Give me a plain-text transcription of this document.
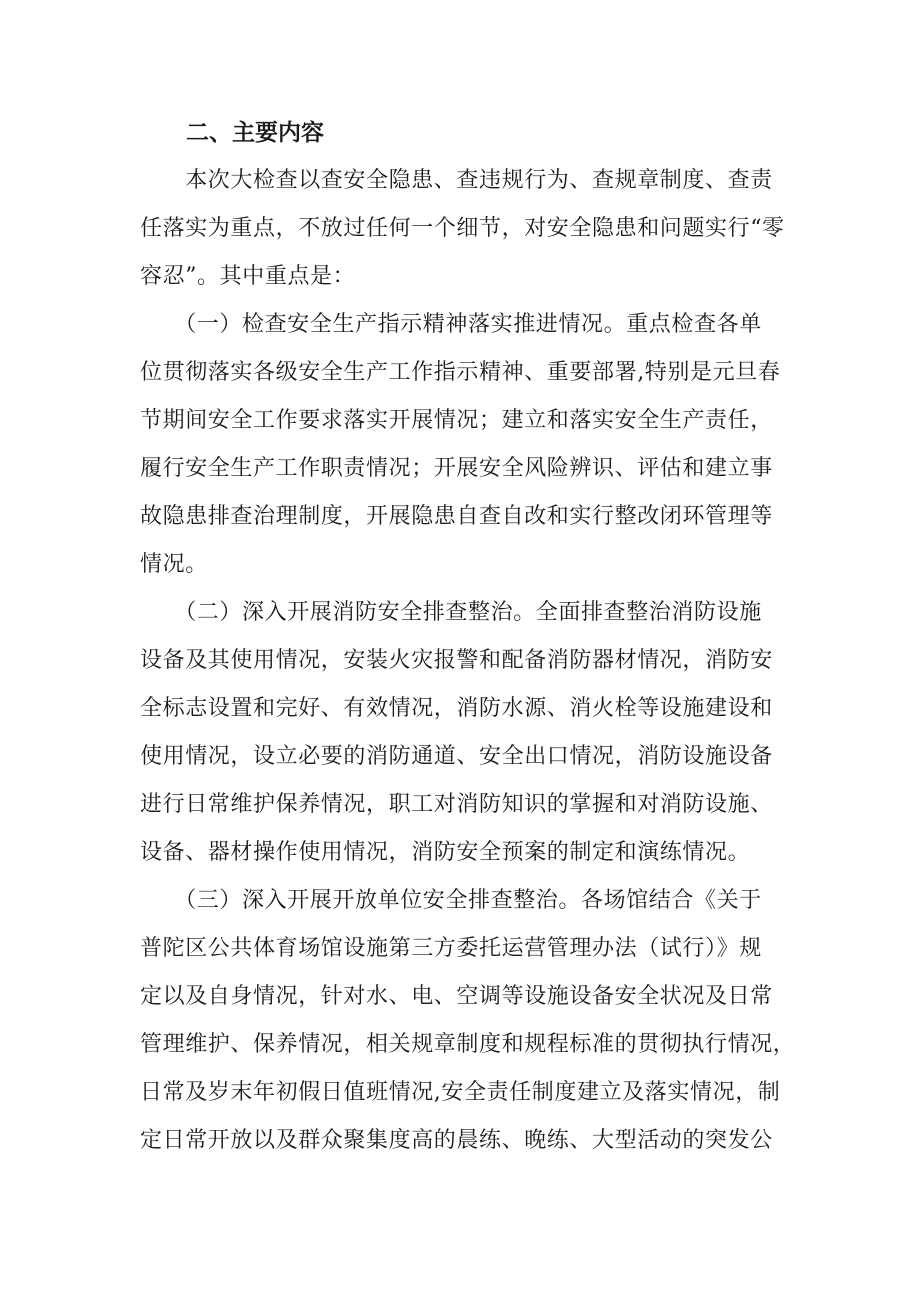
二、主要内容
　　本次大检查以查安全隐患、查违规行为、查规章制度、查责
任落实为重点，不放过任何一个细节，对安全隐患和问题实行“零
容忍”。其中重点是：
　　（一）检查安全生产指示精神落实推进情况。重点检查各单
位贯彻落实各级安全生产工作指示精神、重要部署,特别是元旦春
节期间安全工作要求落实开展情况；建立和落实安全生产责任，
履行安全生产工作职责情况；开展安全风险辨识、评估和建立事
故隐患排查治理制度，开展隐患自查自改和实行整改闭环管理等
情况。
　　（二）深入开展消防安全排查整治。全面排查整治消防设施
设备及其使用情况，安装火灾报警和配备消防器材情况，消防安
全标志设置和完好、有效情况，消防水源、消火栓等设施建设和
使用情况，设立必要的消防通道、安全出口情况，消防设施设备
进行日常维护保养情况，职工对消防知识的掌握和对消防设施、
设备、器材操作使用情况，消防安全预案的制定和演练情况。
　　（三）深入开展开放单位安全排查整治。各场馆结合《关于
普陀区公共体育场馆设施第三方委托运营管理办法（试行）》规
定以及自身情况，针对水、电、空调等设施设备安全状况及日常
管理维护、保养情况，相关规章制度和规程标准的贯彻执行情况，
日常及岁末年初假日值班情况,安全责任制度建立及落实情况，制
定日常开放以及群众聚集度高的晨练、晚练、大型活动的突发公
